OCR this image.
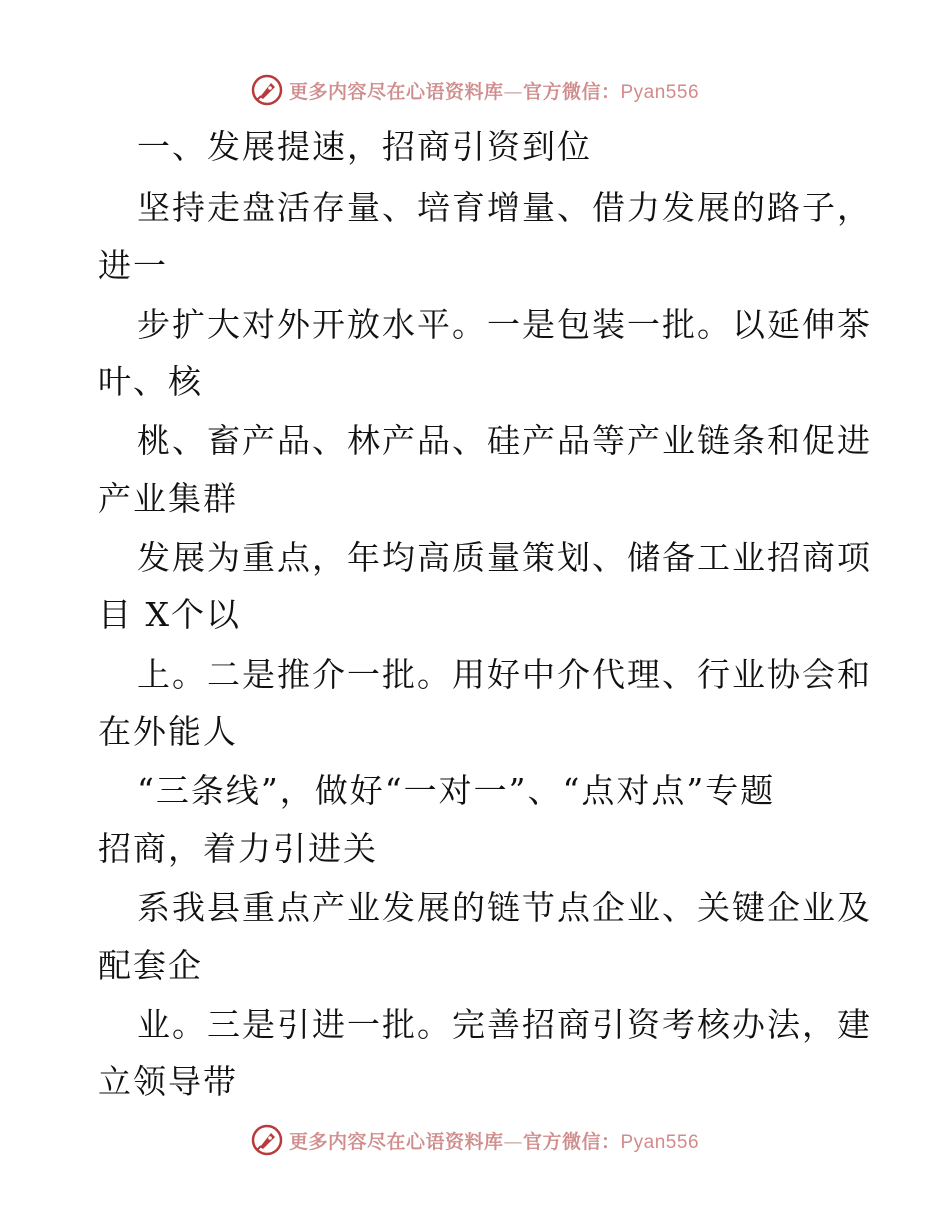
更多内容尽在心语资料库—官方微信：Pyan556
一、发展提速，招商引资到位
坚持走盘活存量、培育增量、借力发展的路子，
进一
步扩大对外开放水平。一是包装一批。以延伸茶
叶、核
桃、畜产品、林产品、硅产品等产业链条和促进
产业集群
发展为重点，年均高质量策划、储备工业招商项
目 X个以
上。二是推介一批。用好中介代理、行业协会和
在外能人
“三条线”，做好“一对一”、“点对点”专题
招商，着力引进关
系我县重点产业发展的链节点企业、关键企业及
配套企
业。三是引进一批。完善招商引资考核办法，建
立领导带
更多内容尽在心语资料库—官方微信：Pyan556
